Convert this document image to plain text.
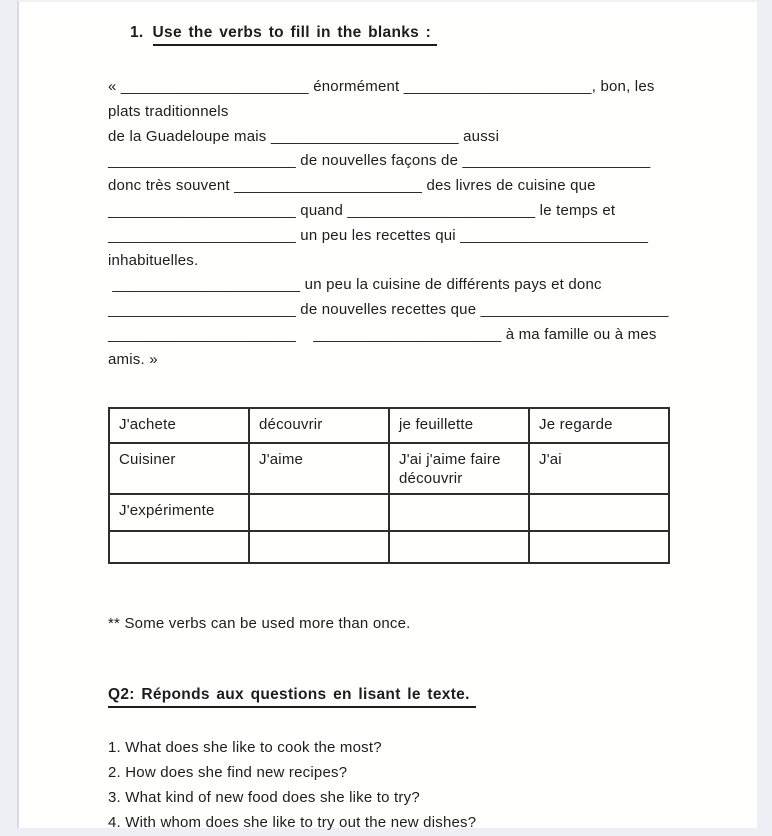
1. Use the verbs to fill in the blanks :
« ______________________ énormément ______________________, bon, les
plats traditionnels
de la Guadeloupe mais ______________________ aussi
______________________ de nouvelles façons de ______________________
donc très souvent ______________________ des livres de cuisine que
______________________ quand ______________________ le temps et
______________________ un peu les recettes qui ______________________
inhabituelles.
______________________ un peu la cuisine de différents pays et donc
______________________ de nouvelles recettes que ______________________
______________________    ______________________ à ma famille ou à mes
amis. »
J'achete	découvrir	je feuillette	Je regarde
Cuisiner	J'aime	J'ai j'aime faire découvrir	J'ai
J'expérimente			

** Some verbs can be used more than once.
Q2: Réponds aux questions en lisant le texte.
1. What does she like to cook the most?
2. How does she find new recipes?
3. What kind of new food does she like to try?
4. With whom does she like to try out the new dishes?
